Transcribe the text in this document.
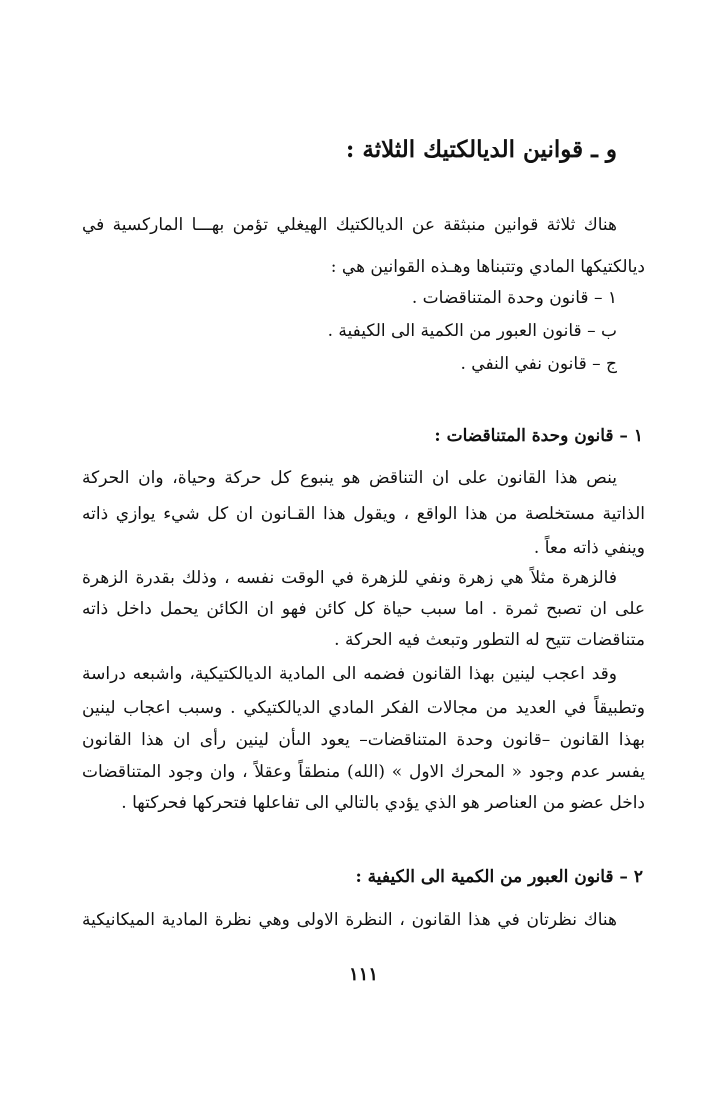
و ـ قوانين الديالكتيك الثلاثة :
هناك ثلاثة قوانين منبثقة عن الديالكتيك الهيغلي تؤمن بهـــا الماركسية في
ديالكتيكها المادي وتتبناها وهـذه القوانين هي :
١ – قانون وحدة المتناقضات .
ب – قانون العبور من الكمية الى الكيفية .
ج – قانون نفي النفي .
١ – قانون وحدة المتناقضات :
ينص هذا القانون على ان التناقض هو ينبوع كل حركة وحياة، وان الحركة
الذاتية مستخلصة من هذا الواقع ، ويقول هذا القـانون ان كل شيء يوازي ذاته
وينفي ذاته معاً .
فالزهرة مثلاً هي زهرة ونفي للزهرة في الوقت نفسه ، وذلك بقدرة الزهرة
على ان تصبح ثمرة . اما سبب حياة كل كائن فهو ان الكائن يحمل داخل ذاته
متناقضات تتيح له التطور وتبعث فيه الحركة .
وقد اعجب لينين بهذا القانون فضمه الى المادية الديالكتيكية، واشبعه دراسة
وتطبيقاً في العديد من مجالات الفكر المادي الديالكتيكي . وسبب اعجاب لينين
بهذا القانون –قانون وحدة المتناقضات– يعود الىأن لينين رأى ان هذا القانون
يفسر عدم وجود « المحرك الاول » (الله) منطقاً وعقلاً ، وان وجود المتناقضات
داخل عضو من العناصر هو الذي يؤدي بالتالي الى تفاعلها فتحركها فحركتها .
٢ – قانون العبور من الكمية الى الكيفية :
هناك نظرتان في هذا القانون ، النظرة الاولى وهي نظرة المادية الميكانيكية
١١١
